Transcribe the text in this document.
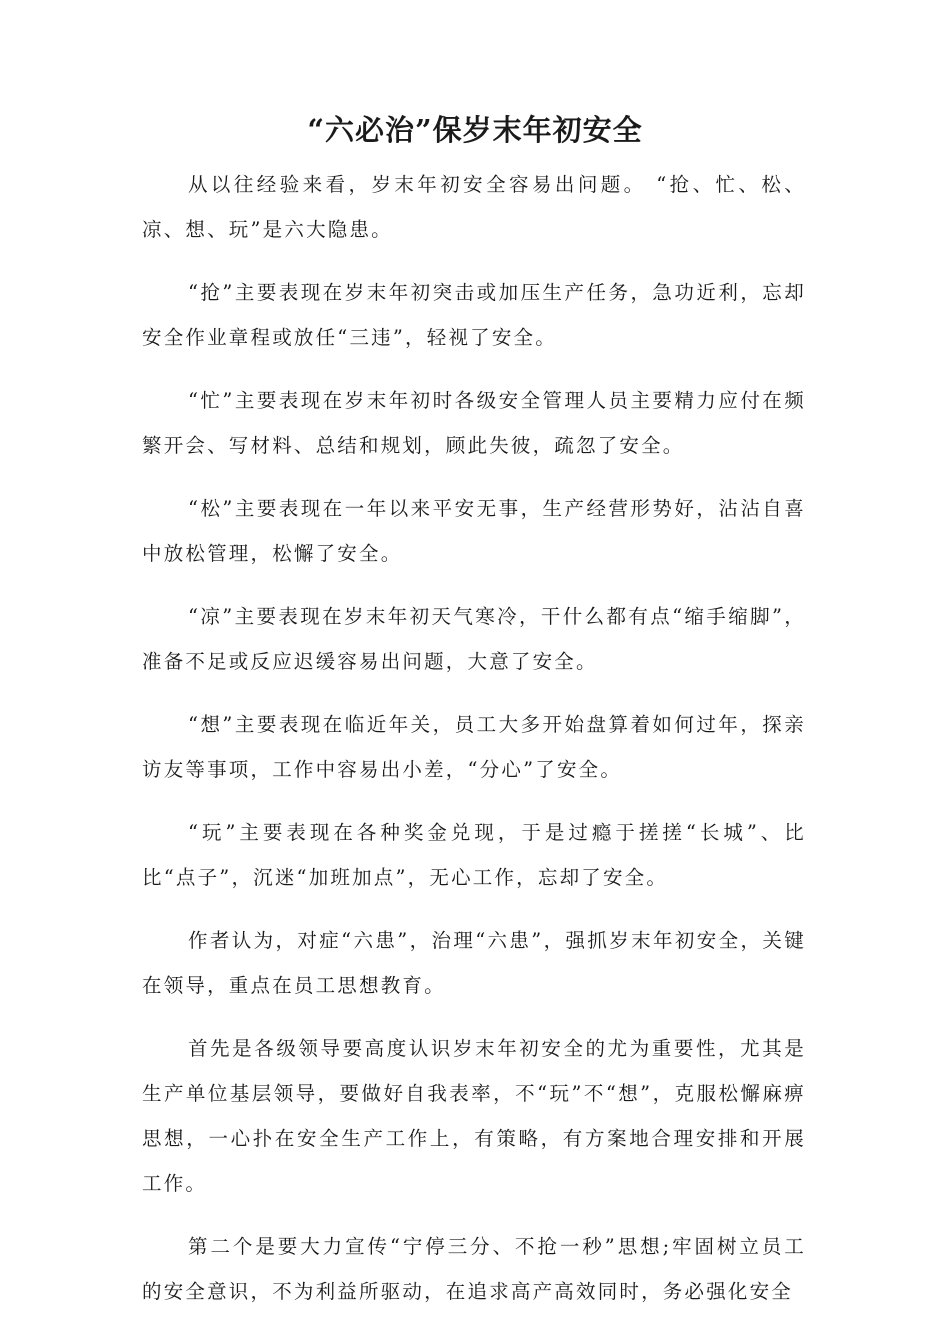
“六必治”保岁末年初安全

从以往经验来看，岁末年初安全容易出问题。 “抢、忙、松、凉、想、玩”是六大隐患。

“抢”主要表现在岁末年初突击或加压生产任务，急功近利，忘却安全作业章程或放任“三违”，轻视了安全。

“忙”主要表现在岁末年初时各级安全管理人员主要精力应付在频繁开会、写材料、总结和规划，顾此失彼，疏忽了安全。

“松”主要表现在一年以来平安无事，生产经营形势好，沾沾自喜中放松管理，松懈了安全。

“凉”主要表现在岁末年初天气寒冷，干什么都有点“缩手缩脚”，准备不足或反应迟缓容易出问题，大意了安全。

“想”主要表现在临近年关，员工大多开始盘算着如何过年，探亲访友等事项，工作中容易出小差，“分心”了安全。

“玩”主要表现在各种奖金兑现，于是过瘾于搓搓“长城”、比比“点子”，沉迷“加班加点”，无心工作，忘却了安全。

作者认为，对症“六患”，治理“六患”，强抓岁末年初安全，关键在领导，重点在员工思想教育。

首先是各级领导要高度认识岁末年初安全的尤为重要性，尤其是生产单位基层领导，要做好自我表率，不“玩”不“想”，克服松懈麻痹思想，一心扑在安全生产工作上，有策略，有方案地合理安排和开展工作。

第二个是要大力宣传“宁停三分、不抢一秒”思想;牢固树立员工的安全意识，不为利益所驱动，在追求高产高效同时，务必强化安全
